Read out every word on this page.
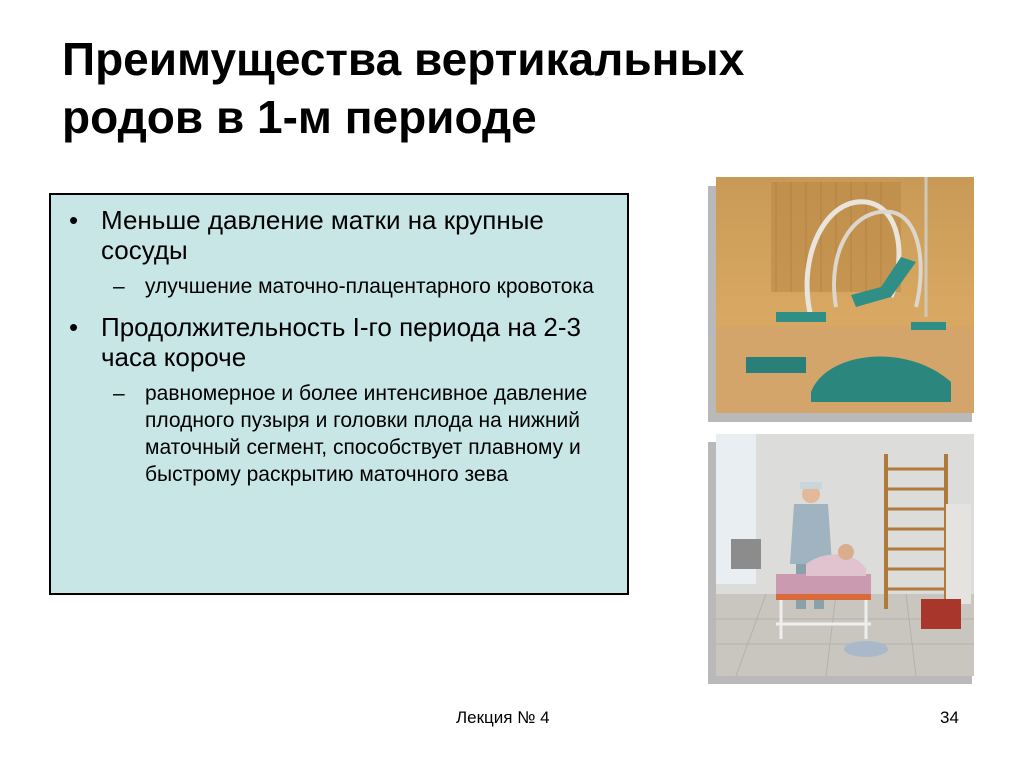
Преимущества вертикальных
родов в 1-м периоде
• Меньше давление матки на крупные сосуды
– улучшение маточно-плацентарного кровотока
• Продолжительность I-го периода на 2-3 часа короче
– равномерное и более интенсивное давление плодного пузыря и головки плода на нижний маточный сегмент, способствует плавному и быстрому раскрытию маточного зева
Лекция № 4	34
